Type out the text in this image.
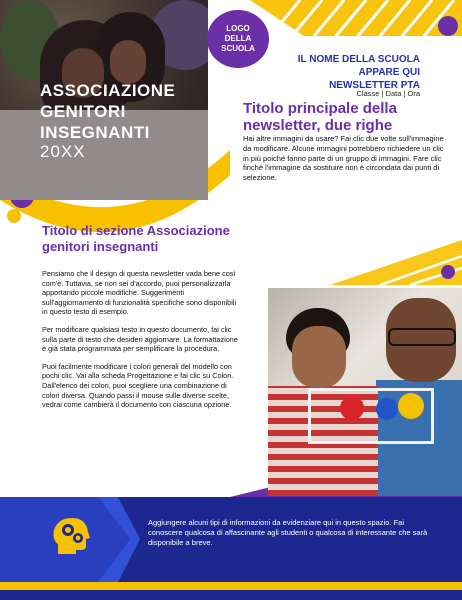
ASSOCIAZIONE
GENITORI
INSEGNANTI
20XX
LOGO
DELLA
SCUOLA
IL NOME DELLA SCUOLA
APPARE QUI
NEWSLETTER PTA
Classe | Data | Ora
Titolo principale della newsletter, due righe
Hai altre immagini da usare? Fai clic due volte sull'immagine da modificare. Alcune immagini potrebbero richiedere un clic in più poiché fanno parte di un gruppo di immagini. Fare clic finché l'immagine da sostituire non è circondata dai punti di selezione.
Titolo di sezione Associazione genitori insegnanti

Pensiamo che il design di questa newsletter vada bene così com'è. Tuttavia, se non sei d'accordo, puoi personalizzarla apportando piccole modifiche. Suggerimenti sull'aggiornamento di funzionalità specifiche sono disponibili in questo testo di esempio.

Per modificare qualsiasi testo in questo documento, fai clic sulla parte di testo che desideri aggiornare. La formattazione è già stata programmata per semplificare la procedura.

Puoi facilmente modificare i colori generali del modello con pochi clic. Vai alla scheda Progettazione e fai clic su Colori. Dall'elenco dei colori, puoi scegliere una combinazione di colori diversa. Quando passi il mouse sulle diverse scelte, vedrai come cambierà il documento con ciascuna opzione.

Aggiungere alcuni tipi di informazioni da evidenziare qui in questo spazio. Fai conoscere qualcosa di affascinante agli studenti o qualcosa di interessante che sarà disponibile a breve.
